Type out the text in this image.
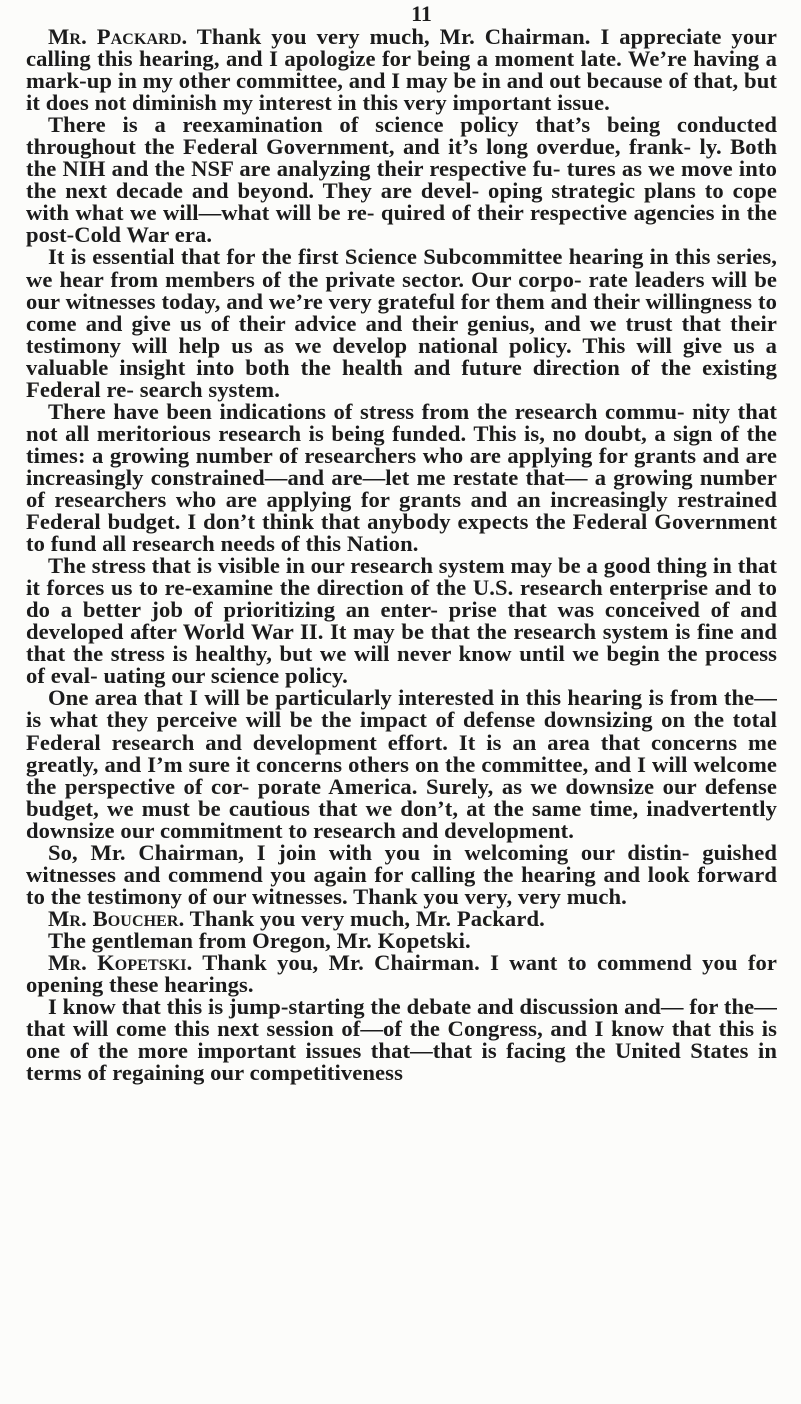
11

Mr. Packard. Thank you very much, Mr. Chairman. I appreciate your calling this hearing, and I apologize for being a moment late. We’re having a mark-up in my other committee, and I may be in and out because of that, but it does not diminish my interest in this very important issue.

There is a reexamination of science policy that’s being conducted throughout the Federal Government, and it’s long overdue, frank- ly. Both the NIH and the NSF are analyzing their respective fu- tures as we move into the next decade and beyond. They are devel- oping strategic plans to cope with what we will—what will be re- quired of their respective agencies in the post-Cold War era.

It is essential that for the first Science Subcommittee hearing in this series, we hear from members of the private sector. Our corpo- rate leaders will be our witnesses today, and we’re very grateful for them and their willingness to come and give us of their advice and their genius, and we trust that their testimony will help us as we develop national policy. This will give us a valuable insight into both the health and future direction of the existing Federal re- search system.

There have been indications of stress from the research commu- nity that not all meritorious research is being funded. This is, no doubt, a sign of the times: a growing number of researchers who are applying for grants and are increasingly constrained—and are—let me restate that— a growing number of researchers who are applying for grants and an increasingly restrained Federal budget. I don’t think that anybody expects the Federal Government to fund all research needs of this Nation.

The stress that is visible in our research system may be a good thing in that it forces us to re-examine the direction of the U.S. research enterprise and to do a better job of prioritizing an enter- prise that was conceived of and developed after World War II. It may be that the research system is fine and that the stress is healthy, but we will never know until we begin the process of eval- uating our science policy.

One area that I will be particularly interested in this hearing is from the—is what they perceive will be the impact of defense downsizing on the total Federal research and development effort. It is an area that concerns me greatly, and I’m sure it concerns others on the committee, and I will welcome the perspective of cor- porate America. Surely, as we downsize our defense budget, we must be cautious that we don’t, at the same time, inadvertently downsize our commitment to research and development.

So, Mr. Chairman, I join with you in welcoming our distin- guished witnesses and commend you again for calling the hearing and look forward to the testimony of our witnesses. Thank you very, very much.

Mr. Boucher. Thank you very much, Mr. Packard.

The gentleman from Oregon, Mr. Kopetski.

Mr. Kopetski. Thank you, Mr. Chairman. I want to commend you for opening these hearings.

I know that this is jump-starting the debate and discussion and— for the—that will come this next session of—of the Congress, and I know that this is one of the more important issues that—that is facing the United States in terms of regaining our competitiveness
